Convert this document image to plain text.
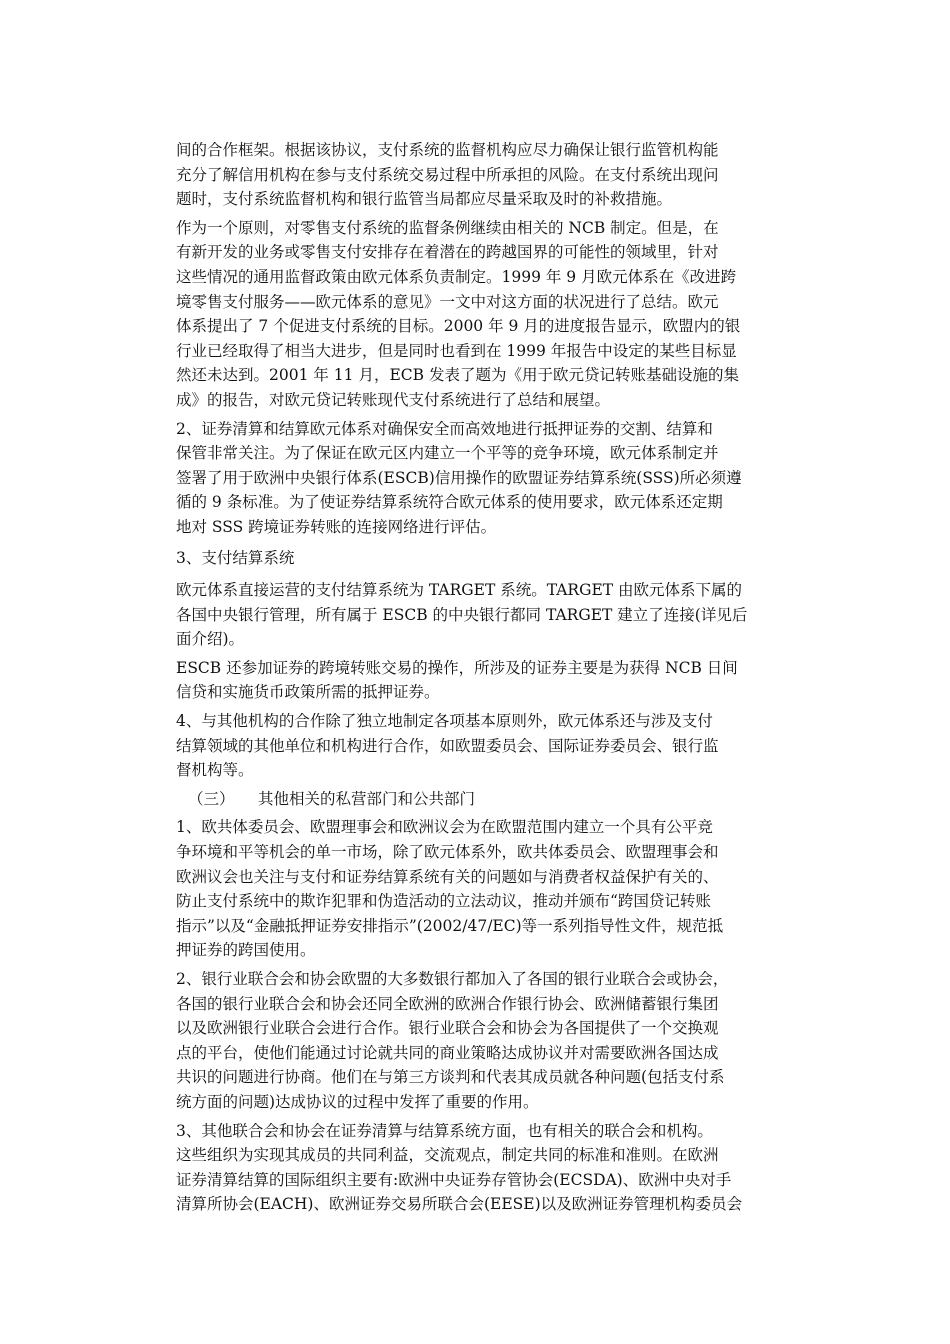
间的合作框架。根据该协议，支付系统的监督机构应尽力确保让银行监管机构能
充分了解信用机构在参与支付系统交易过程中所承担的风险。在支付系统出现问
题时，支付系统监督机构和银行监管当局都应尽量采取及时的补救措施。

作为一个原则，对零售支付系统的监督条例继续由相关的 NCB 制定。但是，在
有新开发的业务或零售支付安排存在着潜在的跨越国界的可能性的领域里，针对
这些情况的通用监督政策由欧元体系负责制定。1999 年 9 月欧元体系在《改进跨
境零售支付服务——欧元体系的意见》一文中对这方面的状况进行了总结。欧元
体系提出了 7 个促进支付系统的目标。2000 年 9 月的进度报告显示，欧盟内的银
行业已经取得了相当大进步，但是同时也看到在 1999 年报告中设定的某些目标显
然还未达到。2001 年 11 月，ECB 发表了题为《用于欧元贷记转账基础设施的集
成》的报告，对欧元贷记转账现代支付系统进行了总结和展望。

2、证券清算和结算欧元体系对确保安全而高效地进行抵押证券的交割、结算和
保管非常关注。为了保证在欧元区内建立一个平等的竞争环境，欧元体系制定并
签署了用于欧洲中央银行体系(ESCB)信用操作的欧盟证券结算系统(SSS)所必须遵
循的 9 条标准。为了使证券结算系统符合欧元体系的使用要求，欧元体系还定期
地对 SSS 跨境证券转账的连接网络进行评估。

3、支付结算系统

欧元体系直接运营的支付结算系统为 TARGET 系统。TARGET 由欧元体系下属的
各国中央银行管理，所有属于 ESCB 的中央银行都同 TARGET 建立了连接(详见后
面介绍)。

ESCB 还参加证券的跨境转账交易的操作，所涉及的证券主要是为获得 NCB 日间
信贷和实施货币政策所需的抵押证券。

4、与其他机构的合作除了独立地制定各项基本原则外，欧元体系还与涉及支付
结算领域的其他单位和机构进行合作，如欧盟委员会、国际证券委员会、银行监
督机构等。

（三） 其他相关的私营部门和公共部门

1、欧共体委员会、欧盟理事会和欧洲议会为在欧盟范围内建立一个具有公平竞
争环境和平等机会的单一市场，除了欧元体系外，欧共体委员会、欧盟理事会和
欧洲议会也关注与支付和证券结算系统有关的问题如与消费者权益保护有关的、
防止支付系统中的欺诈犯罪和伪造活动的立法动议，推动并颁布“跨国贷记转账
指示”以及“金融抵押证券安排指示”(2002/47/EC)等一系列指导性文件，规范抵
押证券的跨国使用。

2、银行业联合会和协会欧盟的大多数银行都加入了各国的银行业联合会或协会，
各国的银行业联合会和协会还同全欧洲的欧洲合作银行协会、欧洲储蓄银行集团
以及欧洲银行业联合会进行合作。银行业联合会和协会为各国提供了一个交换观
点的平台，使他们能通过讨论就共同的商业策略达成协议并对需要欧洲各国达成
共识的问题进行协商。他们在与第三方谈判和代表其成员就各种问题(包括支付系
统方面的问题)达成协议的过程中发挥了重要的作用。

3、其他联合会和协会在证券清算与结算系统方面，也有相关的联合会和机构。
这些组织为实现其成员的共同利益，交流观点，制定共同的标准和准则。在欧洲
证券清算结算的国际组织主要有:欧洲中央证券存管协会(ECSDA)、欧洲中央对手
清算所协会(EACH)、欧洲证券交易所联合会(EESE)以及欧洲证券管理机构委员会
